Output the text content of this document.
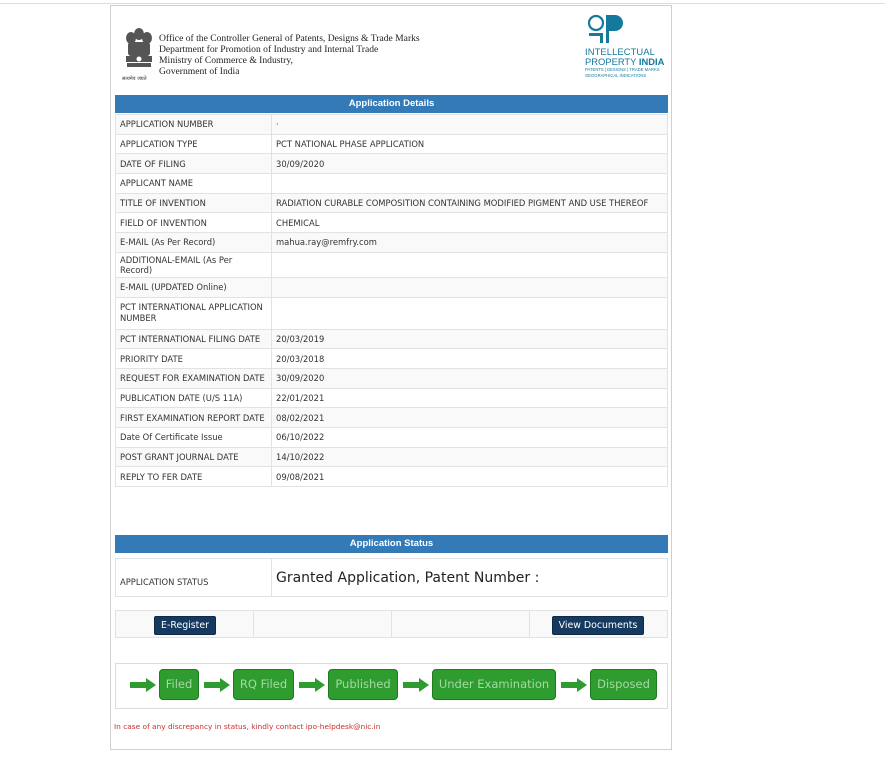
सत्यमेव जयते
Office of the Controller General of Patents, Designs & Trade Marks
Department for Promotion of Industry and Internal Trade
Ministry of Commerce & Industry,
Government of India
INTELLECTUAL
PROPERTY INDIA
PATENTS | DESIGNS | TRADE MARKS
GEOGRAPHICAL INDICATIONS
Application Details
APPLICATION NUMBER	·
APPLICATION TYPE	PCT NATIONAL PHASE APPLICATION
DATE OF FILING	30/09/2020
APPLICANT NAME	
TITLE OF INVENTION	RADIATION CURABLE COMPOSITION CONTAINING MODIFIED PIGMENT AND USE THEREOF
FIELD OF INVENTION	CHEMICAL
E-MAIL (As Per Record)	mahua.ray@remfry.com
ADDITIONAL-EMAIL (As Per Record)	
E-MAIL (UPDATED Online)	
PCT INTERNATIONAL APPLICATION NUMBER	
PCT INTERNATIONAL FILING DATE	20/03/2019
PRIORITY DATE	20/03/2018
REQUEST FOR EXAMINATION DATE	30/09/2020
PUBLICATION DATE (U/S 11A)	22/01/2021
FIRST EXAMINATION REPORT DATE	08/02/2021
Date Of Certificate Issue	06/10/2022
POST GRANT JOURNAL DATE	14/10/2022
REPLY TO FER DATE	09/08/2021
Application Status
APPLICATION STATUS	Granted Application, Patent Number :
E-Register	View Documents
Filed	RQ Filed	Published	Under Examination	Disposed
In case of any discrepancy in status, kindly contact ipo-helpdesk@nic.in
